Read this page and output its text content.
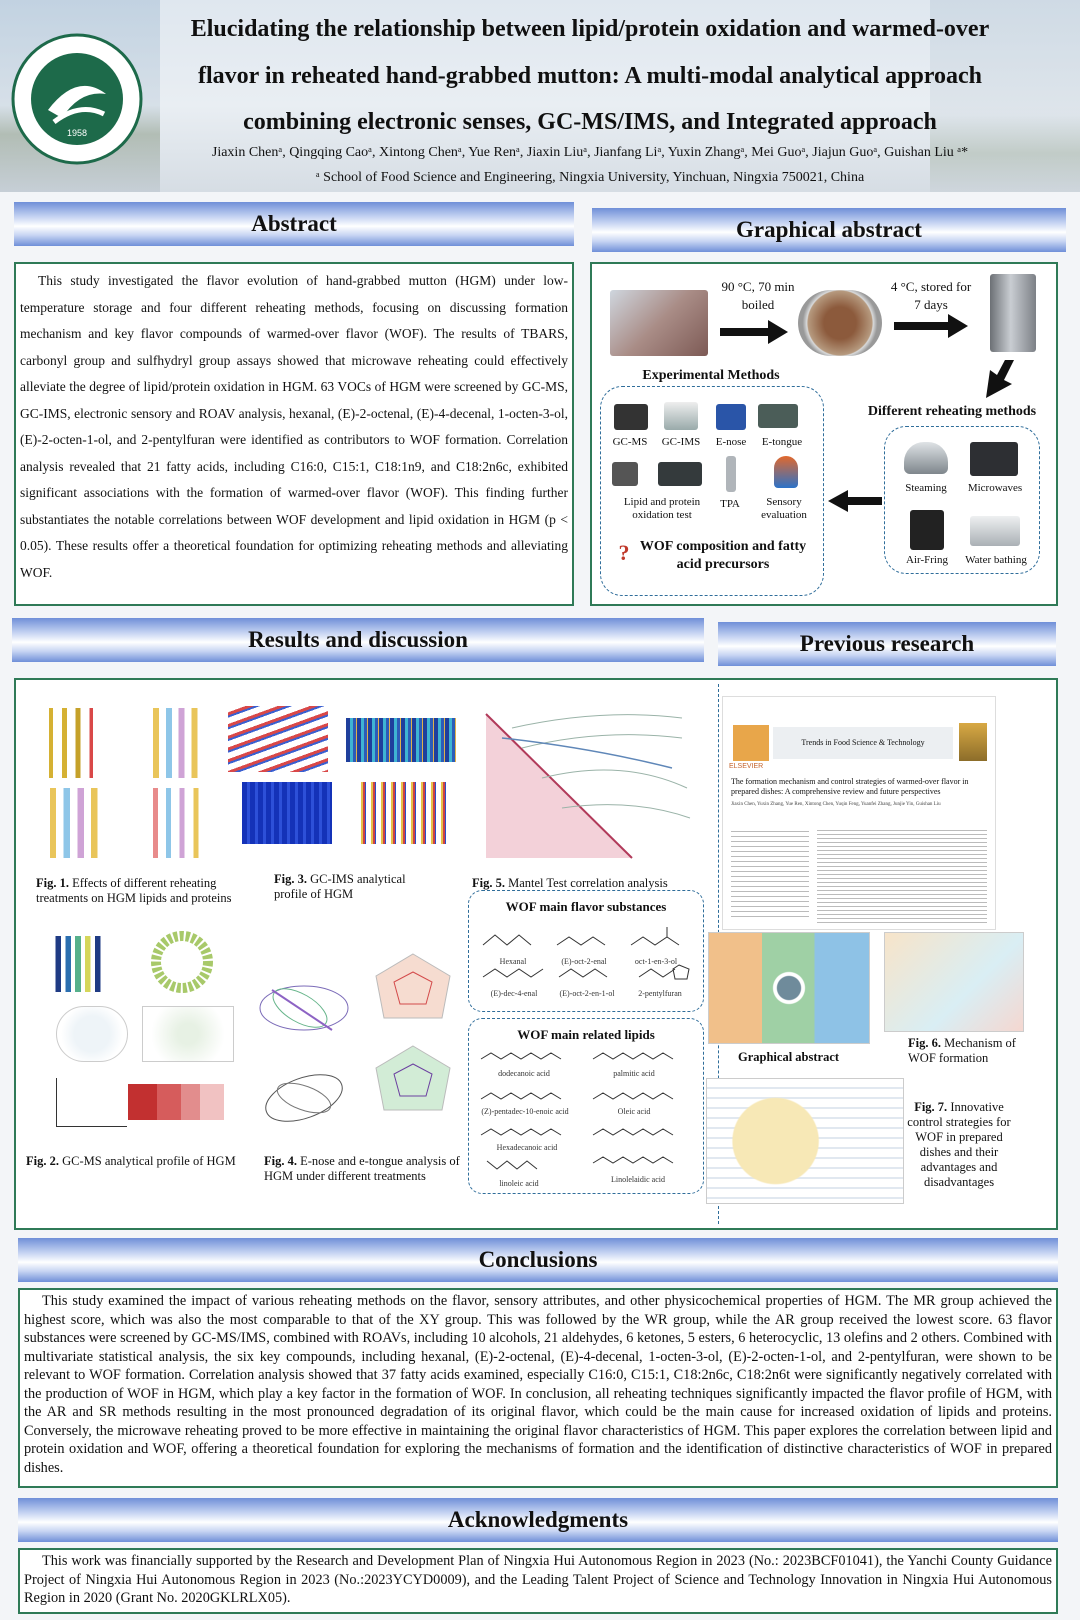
1958
Elucidating the relationship between lipid/protein oxidation and warmed-over
flavor in reheated hand-grabbed mutton: A multi-modal analytical approach
combining electronic senses, GC-MS/IMS, and Integrated approach
Jiaxin Chenᵃ, Qingqing Caoᵃ, Xintong Chenᵃ, Yue Renᵃ, Jiaxin Liuᵃ, Jianfang Liᵃ, Yuxin Zhangᵃ, Mei Guoᵃ, Jiajun Guoᵃ, Guishan Liu ᵃ*
ᵃ School of Food Science and Engineering, Ningxia University, Yinchuan, Ningxia 750021, China
Abstract
This study investigated the flavor evolution of hand-grabbed mutton (HGM) under low-temperature storage and four different reheating methods, focusing on discussing formation mechanism and key flavor compounds of warmed-over flavor (WOF). The results of TBARS, carbonyl group and sulfhydryl group assays showed that microwave reheating could effectively alleviate the degree of lipid/protein oxidation in HGM. 63 VOCs of HGM were screened by GC-MS, GC-IMS, electronic sensory and ROAV analysis, hexanal, (E)-2-octenal, (E)-4-decenal, 1-octen-3-ol, (E)-2-octen-1-ol, and 2-pentylfuran were identified as contributors to WOF formation. Correlation analysis revealed that 21 fatty acids, including C16:0, C15:1, C18:1n9, and C18:2n6c, exhibited significant associations with the formation of warmed-over flavor (WOF). This finding further substantiates the notable correlations between WOF development and lipid oxidation in HGM (p < 0.05). These results offer a theoretical foundation for optimizing reheating methods and alleviating WOF.
Graphical abstract
90 °C, 70 min boiled
4 °C, stored for 7 days
Experimental Methods
GC-MS	GC-IMS	E-nose	E-tongue
Lipid and protein oxidation test
TPA	Sensory evaluation
? WOF composition and fatty acid precursors
Different reheating methods
Steaming	Microwaves
Air-Fring	Water bathing
Results and discussion	Previous research
Fig. 1. Effects of different reheating treatments on HGM lipids and proteins
Fig. 3. GC-IMS analytical profile of HGM
Fig. 5. Mantel Test correlation analysis
Fig. 2. GC-MS analytical profile of HGM	Fig. 4. E-nose and e-tongue analysis of HGM under different treatments
WOF main flavor substances
Hexanal	(E)-oct-2-enal	oct-1-en-3-ol
(E)-dec-4-enal	(E)-oct-2-en-1-ol	2-pentylfuran
WOF main related lipids
dodecanoic acid	palmitic acid
(Z)-pentadec-10-enoic acid	Oleic acid
Hexadecanoic acid
linoleic acid	Linolelaidic acid
ELSEVIER
Trends in Food Science & Technology
The formation mechanism and control strategies of warmed-over flavor in prepared dishes: A comprehensive review and future perspectives
Jiaxin Chen, Yuxin Zhang, Yue Ren, Xintong Chen, Yuqin Feng, Yuanfei Zhang, Junjie Yin, Guishan Liu
Graphical abstract
Fig. 6. Mechanism of WOF formation
Fig. 7. Innovative control strategies for WOF in prepared dishes and their advantages and disadvantages
Conclusions
This study examined the impact of various reheating methods on the flavor, sensory attributes, and other physicochemical properties of HGM. The MR group achieved the highest score, which was also the most comparable to that of the XY group. This was followed by the WR group, while the AR group received the lowest score. 63 flavor substances were screened by GC-MS/IMS, combined with ROAVs, including 10 alcohols, 21 aldehydes, 6 ketones, 5 esters, 6 heterocyclic, 13 olefins and 2 others. Combined with multivariate statistical analysis, the six key compounds, including hexanal, (E)-2-octenal, (E)-4-decenal, 1-octen-3-ol, (E)-2-octen-1-ol, and 2-pentylfuran, were shown to be relevant to WOF formation. Correlation analysis showed that 37 fatty acids examined, especially C16:0, C15:1, C18:2n6c, C18:2n6t were significantly negatively correlated with the production of WOF in HGM, which play a key factor in the formation of WOF. In conclusion, all reheating techniques significantly impacted the flavor profile of HGM, with the AR and SR methods resulting in the most pronounced degradation of its original flavor, which could be the main cause for increased oxidation of lipids and proteins. Conversely, the microwave reheating proved to be more effective in maintaining the original flavor characteristics of HGM. This paper explores the correlation between lipid and protein oxidation and WOF, offering a theoretical foundation for exploring the mechanisms of formation and the identification of distinctive characteristics of WOF in prepared dishes.
Acknowledgments
This work was financially supported by the Research and Development Plan of Ningxia Hui Autonomous Region in 2023 (No.: 2023BCF01041), the Yanchi County Guidance Project of Ningxia Hui Autonomous Region in 2023 (No.:2023YCYD0009), and the Leading Talent Project of Science and Technology Innovation in Ningxia Hui Autonomous Region in 2020 (Grant No. 2020GKLRLX05).
